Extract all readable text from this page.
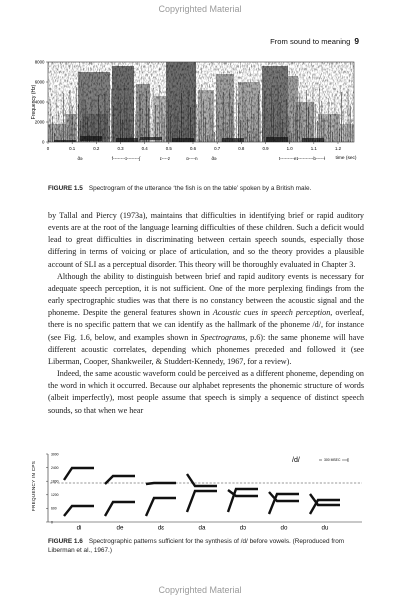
Copyrighted Material
From sound to meaning 9
Frequency (Hz)
8000
6000
4000
2000
0
0	0.1	0.2	0.3	0.4	0.5	0.6	0.7	0.8	0.9	1.0	1.1	1.2
ðə	f--------ɪ--------ʃ	ɪ----z	ɒ----n	ðə	t---------eɪ----------b-----ɫ time (sec)
FIGURE 1.5 Spectrogram of the utterance ‘the fish is on the table’ spoken by a British male.

by Tallal and Piercy (1973a), maintains that difficulties in identifying brief or rapid auditory events are at the root of the language learning difficulties of these children. Such a deficit would lead to great difficulties in discriminating between certain speech sounds, especially those differing in terms of voicing or place of articulation, and so the theory provides a plausible account of SLI as a perceptual disorder. This theory will be thoroughly evaluated in Chapter 3.

Although the ability to distinguish between brief and rapid auditory events is necessary for adequate speech perception, it is not sufficient. One of the more perplexing findings from the early spectrographic studies was that there is no constancy between the acoustic signal and the phoneme. Despite the general features shown in Acoustic cues in speech perception, overleaf, there is no specific pattern that we can identify as the hallmark of the phoneme /d/, for instance (see Fig. 1.6, below, and examples shown in Spectrograms, p.6): the same phoneme will have different acoustic correlates, depending which phonemes preceded and followed it (see Liberman, Cooper, Shankweiler, & Studdert-Kennedy, 1967, for a review).

Indeed, the same acoustic waveform could be perceived as a different phoneme, depending on the word in which it occurred. Because our alphabet represents the phonemic structure of words (albeit imperfectly), most people assume that speech is simply a sequence of distinct speech sounds, so that when we hear

FREQUENCY IN CPS
3000
2400
1800
1200
600
0
/d/	300 MSEC
di	de	dɛ	da	dɔ	do	du
FIGURE 1.6 Spectrographic patterns sufficient for the synthesis of /d/ before vowels. (Reproduced from Liberman et al., 1967.)
Copyrighted Material
